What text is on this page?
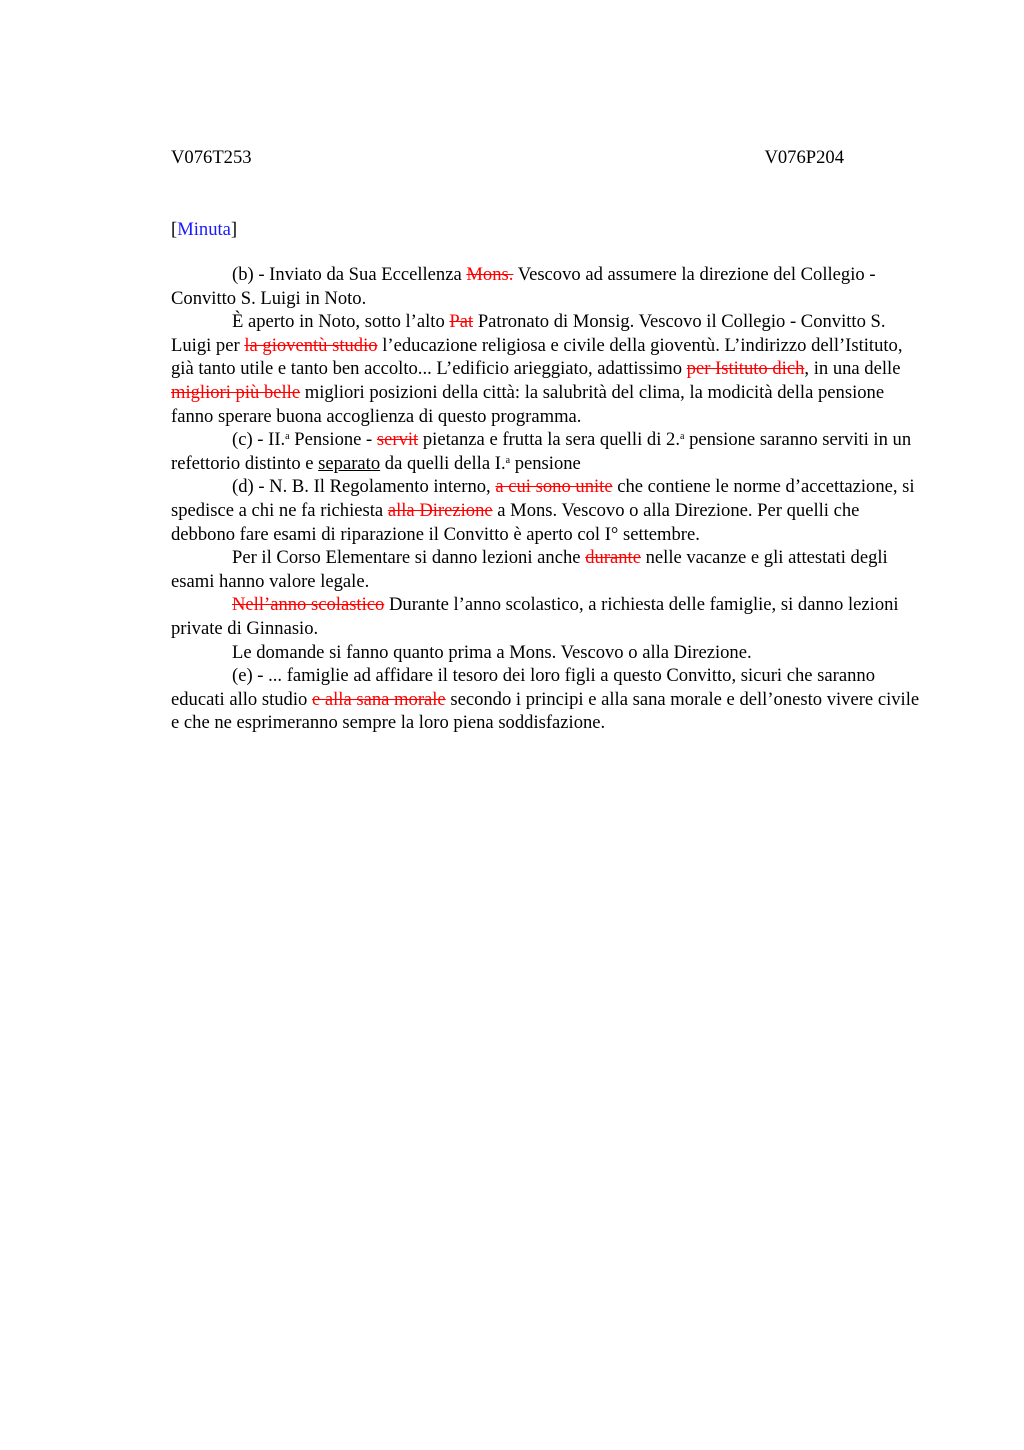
V076T253	V076P204
[Minuta]

(b) - Inviato da Sua Eccellenza Mons. Vescovo ad assumere la direzione del Collegio - Convitto S. Luigi in Noto.

È aperto in Noto, sotto l’alto Pat Patronato di Monsig. Vescovo il Collegio - Convitto S. Luigi per la gioventù studio l’educazione religiosa e civile della gioventù. L’indirizzo dell’Istituto, già tanto utile e tanto ben accolto... L’edificio arieggiato, adattissimo per Istituto dich, in una delle migliori più belle migliori posizioni della città: la salubrità del clima, la modicità della pensione fanno sperare buona accoglienza di questo programma.

(c) - II.$^a$ Pensione - servit pietanza e frutta la sera quelli di 2.$^a$ pensione saranno serviti in un refettorio distinto e separato da quelli della I.$^a$ pensione

(d) - N. B. Il Regolamento interno, a cui sono unite che contiene le norme d’accettazione, si spedisce a chi ne fa richiesta alla Direzione a Mons. Vescovo o alla Direzione. Per quelli che debbono fare esami di riparazione il Convitto è aperto col I° settembre.

Per il Corso Elementare si danno lezioni anche durante nelle vacanze e gli attestati degli esami hanno valore legale.

Nell’anno scolastico Durante l’anno scolastico, a richiesta delle famiglie, si danno lezioni private di Ginnasio.

Le domande si fanno quanto prima a Mons. Vescovo o alla Direzione.

(e) - ... famiglie ad affidare il tesoro dei loro figli a questo Convitto, sicuri che saranno educati allo studio e alla sana morale secondo i principi e alla sana morale e dell’onesto vivere civile e che ne esprimeranno sempre la loro piena soddisfazione.
